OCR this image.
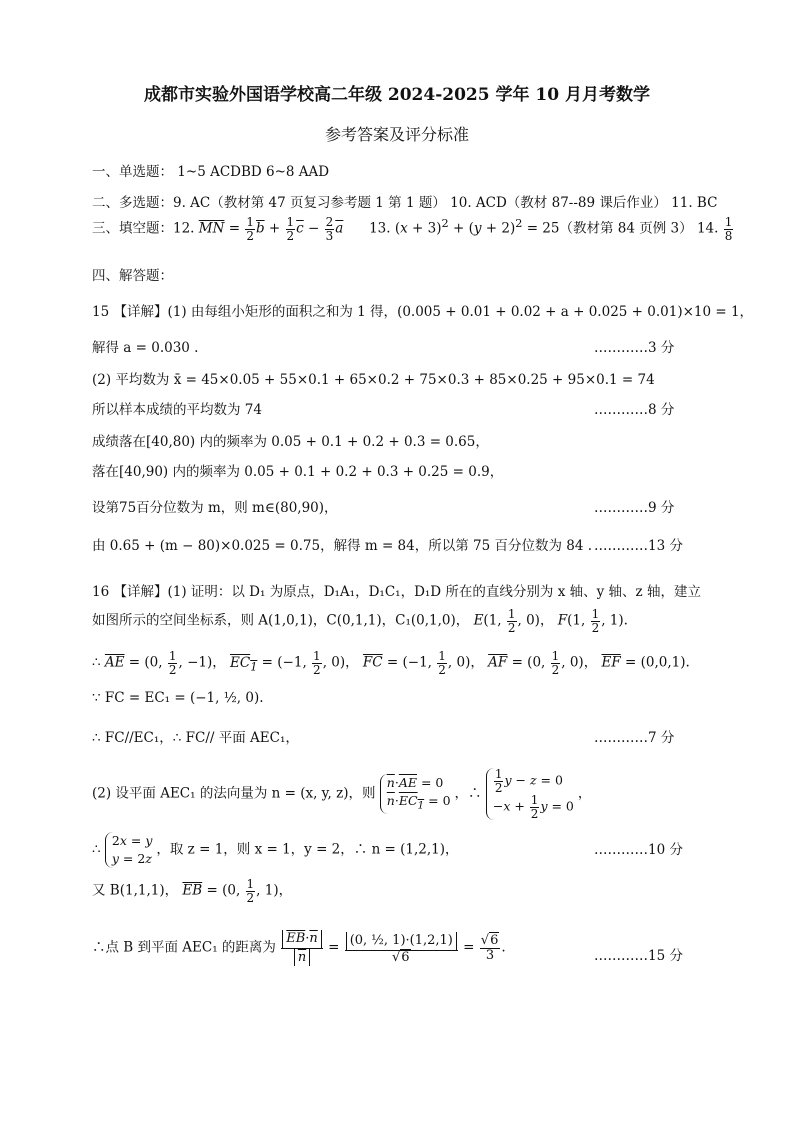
成都市实验外国语学校高二年级 2024-2025 学年 10 月月考数学
参考答案及评分标准
一、单选题： 1~5 ACDBD 6~8 AAD
二、多选题：9. AC（教材第 47 页复习参考题 1 第 1 题） 10. ACD（教材 87--89 课后作业） 11. BC
三、填空题：12. $\overline{MN} = \frac{1}{2} \overline{b} + \frac{1}{2} \overline{c} - \frac{2}{3} \overline{a}$ 13. $(x + 3)^2 + (y + 2)^2 = 25$（教材第 84 页例 3） 14. $\frac{1}{8}$
四、解答题：
15 【详解】(1) 由每组小矩形的面积之和为 1 得，(0.005 + 0.01 + 0.02 + a + 0.025 + 0.01)×10 = 1，
解得 a = 0.030 .	…………3 分
(2) 平均数为 x̄ = 45×0.05 + 55×0.1 + 65×0.2 + 75×0.3 + 85×0.25 + 95×0.1 = 74
所以样本成绩的平均数为 74	…………8 分
成绩落在[40,80) 内的频率为 0.05 + 0.1 + 0.2 + 0.3 = 0.65，
落在[40,90) 内的频率为 0.05 + 0.1 + 0.2 + 0.3 + 0.25 = 0.9，
设第75百分位数为 m，则 m∈(80,90)，	…………9 分
由 0.65 + (m − 80)×0.025 = 0.75，解得 m = 84，所以第 75 百分位数为 84 . …………13 分
16 【详解】(1) 证明：以 D₁ 为原点，D₁A₁，D₁C₁，D₁D 所在的直线分别为 x 轴、y 轴、z 轴，建立
如图所示的空间坐标系，则 A(1,0,1)，C(0,1,1)，C₁(0,1,0)， E(1, $\frac{1}{2}$ , 0)， F(1, $\frac{1}{2}$ , 1).
∴ $\overline{AE} = (0$, $\frac{1}{2}$ , −1)， $EC_1 = (-1$, $\frac{1}{2}$ , 0)， $\overline{FC} = (-1$, $\frac{1}{2}$ , 0)， $\overline{AF} = (0$, $\frac{1}{2}$ , 0)， $\overline{EF} = (0,0,1)$.
∵ FC = EC₁ = (−1, ½, 0).
∴ FC//EC₁，∴ FC// 平面 AEC₁，	…………7 分
(2) 设平面 AEC₁ 的法向量为 n = (x, y, z)，则 $\overline{n}\cdot\overline{AE} = 0$
$\overline{n}\cdot EC_1 = 0$ ，∴ $\frac{1}{2}$ y − z = 0
$-x + \frac{1}{2}$ y = 0，
∴ 2x = y
y = 2z，取 z = 1，则 x = 1，y = 2，∴ n = (1,2,1)，	…………10 分
又 B(1,1,1)， $\overline{EB} = (0$, $\frac{1}{2}$ , 1)，
∴点 B 到平面 AEC₁ 的距离为 $\frac{\overline{EB}\cdot\overline{n}}{n} = \frac{\text{(0, ½, 1)·(1,2,1)}}{√6} = \frac{√6}{3}$ .
…………15 分
